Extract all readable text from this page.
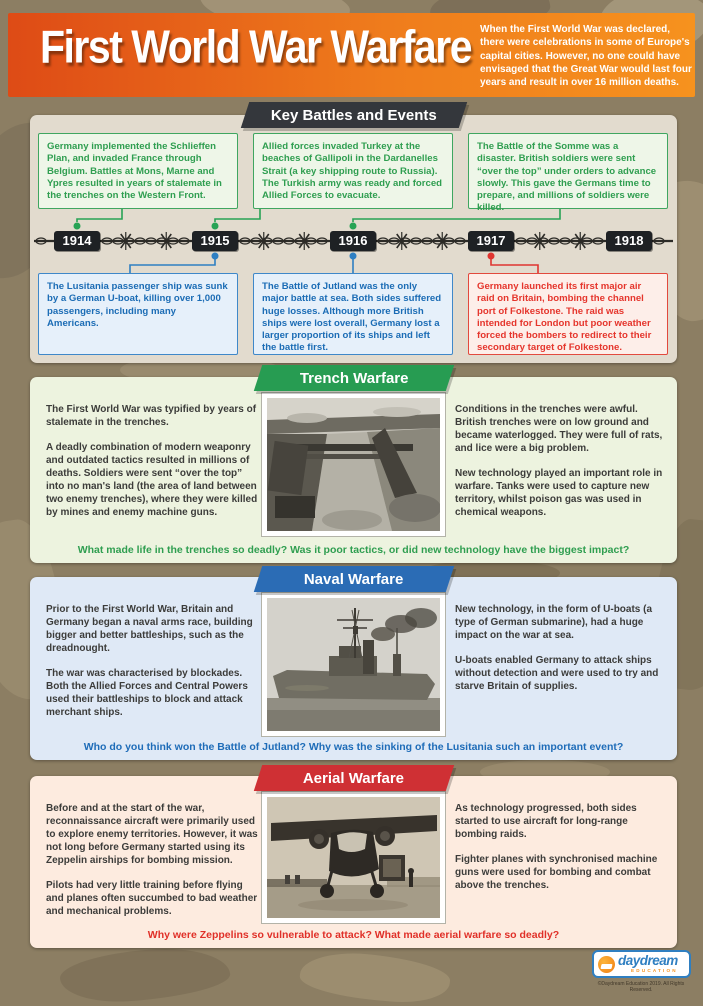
First World War Warfare When the First World War was declared, there were celebrations in some of Europe's capital cities. However, no one could have envisaged that the Great War would last four years and result in over 16 million deaths.

Key Battles and Events
Germany implemented the Schlieffen Plan, and invaded France through Belgium. Battles at Mons, Marne and Ypres resulted in years of stalemate in the trenches on the Western Front.
Allied forces invaded Turkey at the beaches of Gallipoli in the Dardanelles Strait (a key shipping route to Russia). The Turkish army was ready and forced Allied Forces to evacuate.
The Battle of the Somme was a disaster. British soldiers were sent “over the top” under orders to advance slowly. This gave the Germans time to prepare, and millions of soldiers were killed.
1914	1915	1916	1917	1918
The Lusitania passenger ship was sunk by a German U-boat, killing over 1,000 passengers, including many Americans.
The Battle of Jutland was the only major battle at sea. Both sides suffered huge losses. Although more British ships were lost overall, Germany lost a larger proportion of its ships and left the battle first.
Germany launched its first major air raid on Britain, bombing the channel port of Folkestone. The raid was intended for London but poor weather forced the bombers to redirect to their secondary target of Folkestone.
Trench Warfare

The First World War was typified by years of stalemate in the trenches.

A deadly combination of modern weaponry and outdated tactics resulted in millions of deaths. Soldiers were sent “over the top” into no man's land (the area of land between two enemy trenches), where they were killed by mines and enemy machine guns.

Conditions in the trenches were awful. British trenches were on low ground and became waterlogged. They were full of rats, and lice were a big problem.

New technology played an important role in warfare. Tanks were used to capture new territory, whilst poison gas was used in chemical weapons.

What made life in the trenches so deadly? Was it poor tactics, or did new technology have the biggest impact?
Naval Warfare

Prior to the First World War, Britain and Germany began a naval arms race, building bigger and better battleships, such as the dreadnought.

The war was characterised by blockades. Both the Allied Forces and Central Powers used their battleships to block and attack merchant ships.

New technology, in the form of U-boats (a type of German submarine), had a huge impact on the war at sea.

U-boats enabled Germany to attack ships without detection and were used to try and starve Britain of supplies.

Who do you think won the Battle of Jutland? Why was the sinking of the Lusitania such an important event?
Aerial Warfare

Before and at the start of the war, reconnaissance aircraft were primarily used to explore enemy territories. However, it was not long before Germany started using its Zeppelin airships for bombing mission.

Pilots had very little training before flying and planes often succumbed to bad weather and mechanical problems.

As technology progressed, both sides started to use aircraft for long-range bombing raids.

Fighter planes with synchronised machine guns were used for bombing and combat above the trenches.

Why were Zeppelins so vulnerable to attack? What made aerial warfare so deadly?
daydream
EDUCATION
©Daydream Education 2019. All Rights Reserved.
